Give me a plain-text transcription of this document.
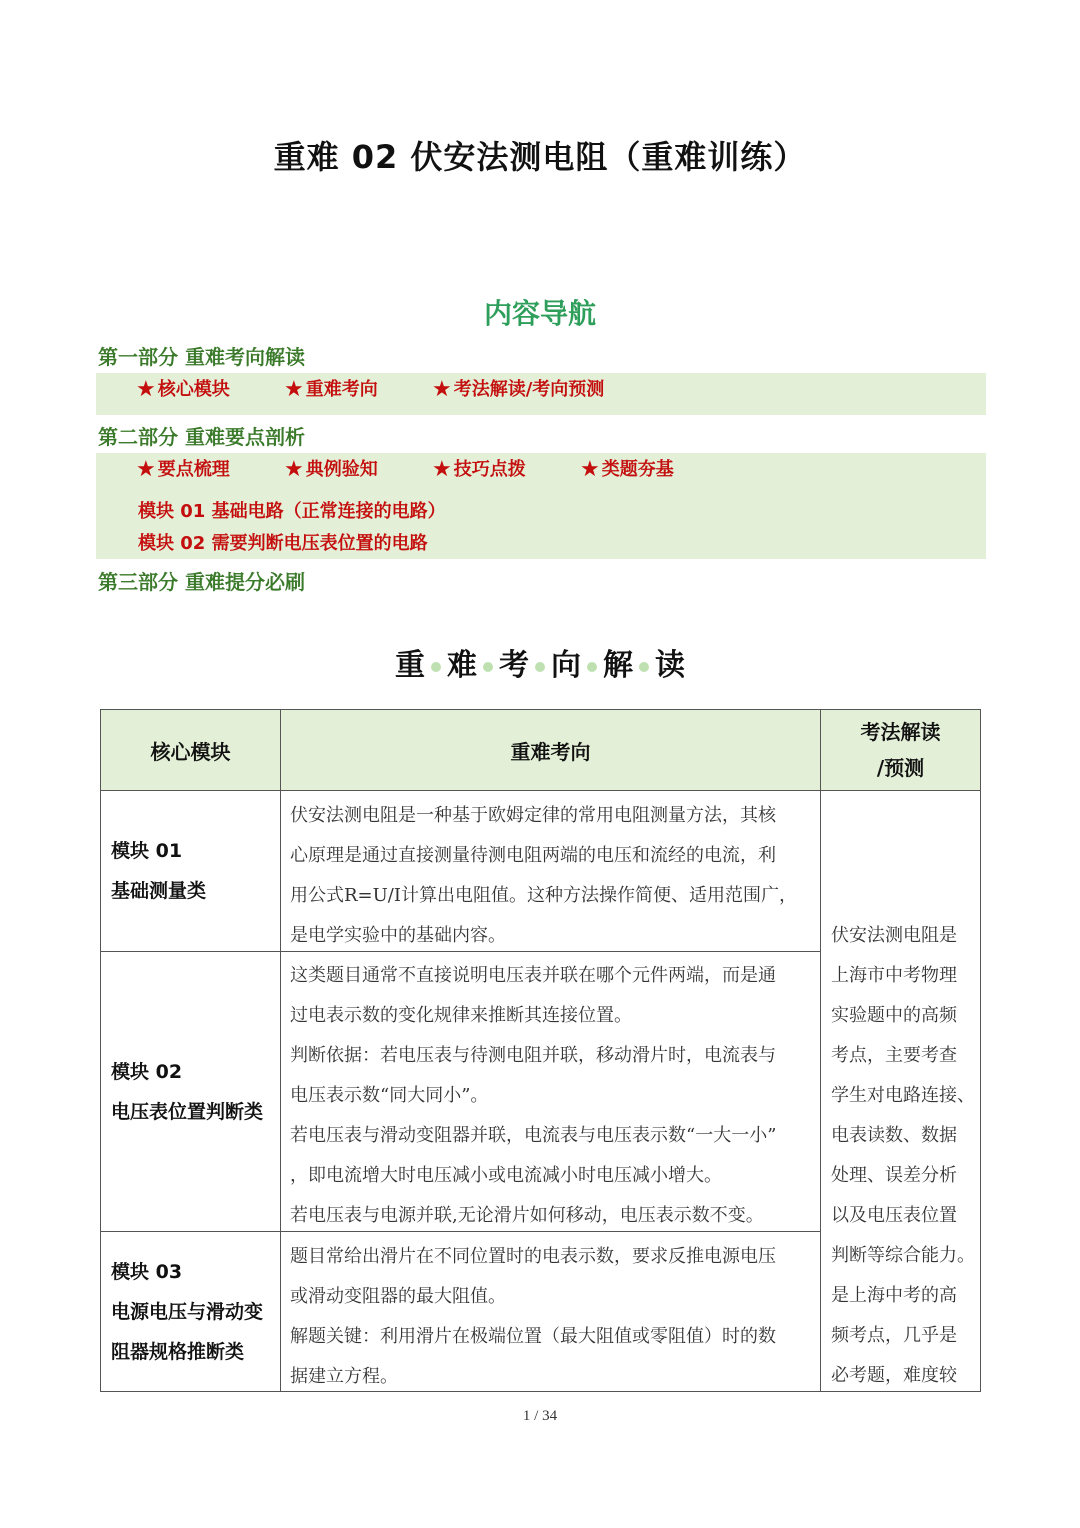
重难 02 伏安法测电阻（重难训练）
内容导航
第一部分 重难考向解读
★ 核心模块 ★ 重难考向 ★ 考法解读/考向预测
第二部分 重难要点剖析
★ 要点梳理 ★ 典例验知 ★ 技巧点拨 ★ 类题夯基
模块 01 基础电路（正常连接的电路）
模块 02 需要判断电压表位置的电路
第三部分 重难提分必刷
重 难 考 向 解 读
核心模块	重难考向
考法解读
/预测
模块 01
基础测量类
伏安法测电阻是一种基于欧姆定律的常用电阻测量方法，其核
心原理是通过直接测量待测电阻两端的电压和流经的电流，利
用公式R=U/I计算出电阻值。这种方法操作简便、适用范围广，
是电学实验中的基础内容。
模块 02
电压表位置判断类
这类题目通常不直接说明电压表并联在哪个元件两端，而是通
过电表示数的变化规律来推断其连接位置。
判断依据：若电压表与待测电阻并联，移动滑片时，电流表与
电压表示数“同大同小”。
若电压表与滑动变阻器并联，电流表与电压表示数“一大一小”
，即电流增大时电压减小或电流减小时电压减小增大。
若电压表与电源并联,无论滑片如何移动，电压表示数不变。
模块 03
电源电压与滑动变
阻器规格推断类
题目常给出滑片在不同位置时的电表示数，要求反推电源电压
或滑动变阻器的最大阻值。
解题关键：利用滑片在极端位置（最大阻值或零阻值）时的数
据建立方程。
伏安法测电阻是
上海市中考物理
实验题中的高频
考点，主要考查
学生对电路连接、
电表读数、数据
处理、误差分析
以及电压表位置
判断等综合能力。
是上海中考的高
频考点，几乎是
必考题，难度较
1 / 34
